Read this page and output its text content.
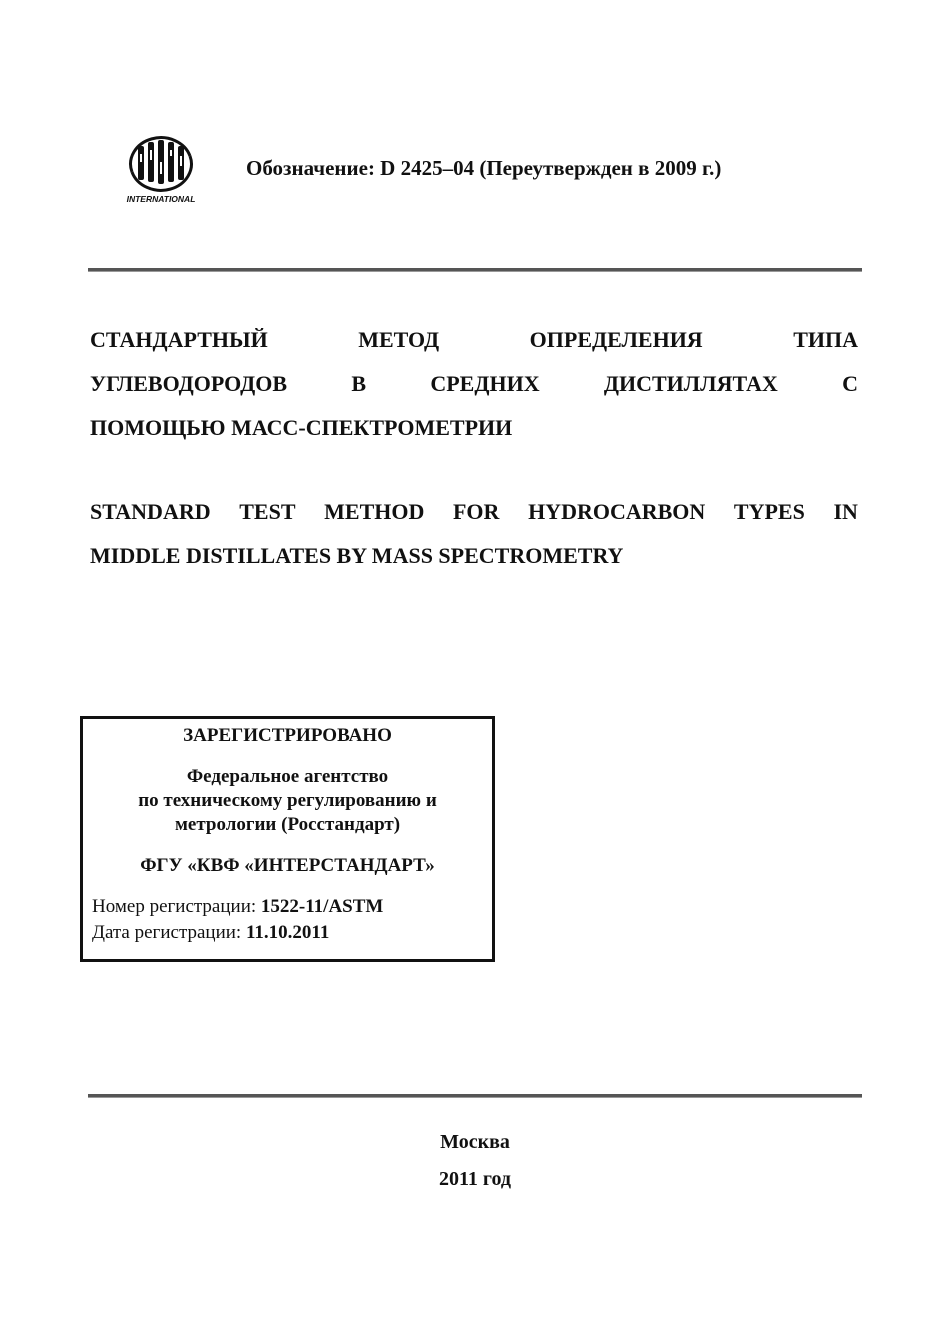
INTERNATIONAL
Обозначение: D 2425–04 (Переутвержден в 2009 г.)
СТАНДАРТНЫЙ	МЕТОД	ОПРЕДЕЛЕНИЯ	ТИПА
УГЛЕВОДОРОДОВ	В	СРЕДНИХ	ДИСТИЛЛЯТАХ	С
ПОМОЩЬЮ МАСС-СПЕКТРОМЕТРИИ
STANDARD TEST METHOD FOR HYDROCARBON TYPES IN
MIDDLE DISTILLATES BY MASS SPECTROMETRY
ЗАРЕГИСТРИРОВАНО
Федеральное агентство
по техническому регулированию и
метрологии (Росстандарт)
ФГУ «КВФ «ИНТЕРСТАНДАРТ»
Номер регистрации: 1522-11/ASTM
Дата регистрации: 11.10.2011
Москва
2011 год
